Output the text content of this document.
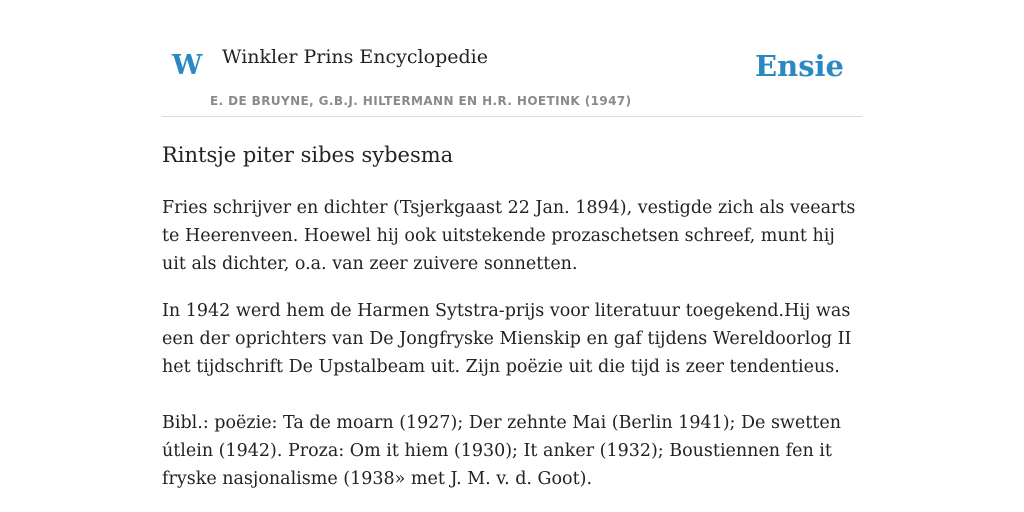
W Winkler Prins Encyclopedie
E. DE BRUYNE, G.B.J. HILTERMANN EN H.R. HOETINK (1947)
Ensie
Rintsje piter sibes sybesma

Fries schrijver en dichter (Tsjerkgaast 22 Jan. 1894), vestigde zich als veearts te Heerenveen. Hoewel hij ook uitstekende prozaschetsen schreef, munt hij uit als dichter, o.a. van zeer zuivere sonnetten.

In 1942 werd hem de Harmen Sytstra-prijs voor literatuur toegekend.Hij was een der oprichters van De Jongfryske Mienskip en gaf tijdens Wereldoorlog II het tijdschrift De Upstalbeam uit. Zijn poëzie uit die tijd is zeer tendentieus.

Bibl.: poëzie: Ta de moarn (1927); Der zehnte Mai (Berlin 1941); De swetten útlein (1942). Proza: Om it hiem (1930); It anker (1932); Boustiennen fen it fryske nasjonalisme (1938» met J. M. v. d. Goot).
